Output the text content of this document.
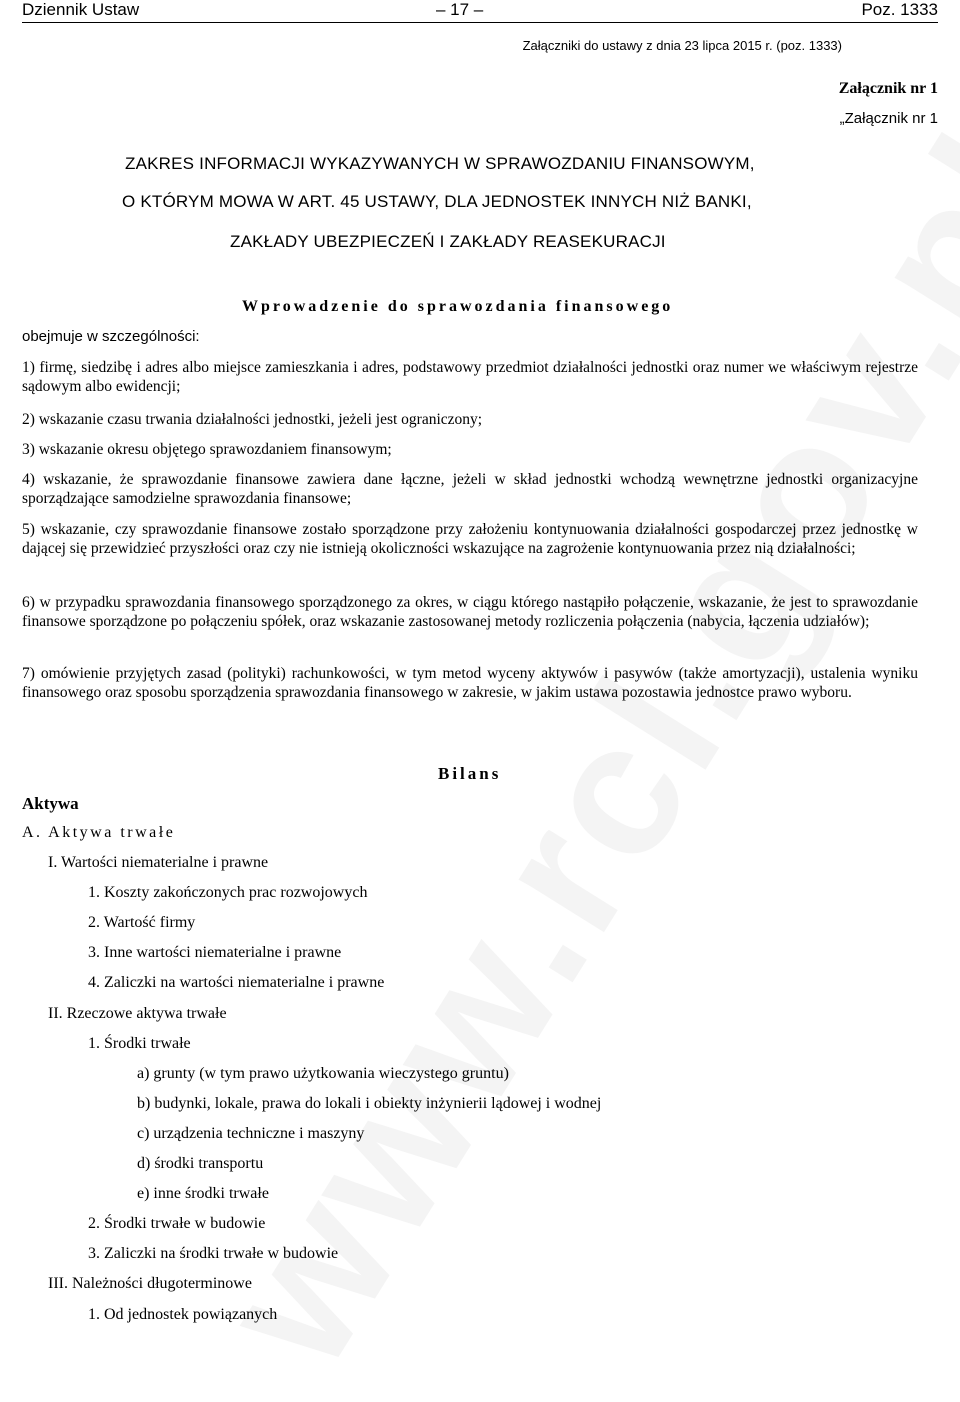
Dziennik Ustaw	– 17 –	Poz. 1333
Załączniki do ustawy z dnia 23 lipca 2015 r. (poz. 1333)
Załącznik nr 1
„Załącznik nr 1
ZAKRES INFORMACJI WYKAZYWANYCH W SPRAWOZDANIU FINANSOWYM,
O KTÓRYM MOWA W ART. 45 USTAWY, DLA JEDNOSTEK INNYCH NIŻ BANKI,
ZAKŁADY UBEZPIECZEŃ I ZAKŁADY REASEKURACJI
Wprowadzenie do sprawozdania finansowego
obejmuje w szczególności:
1) firmę, siedzibę i adres albo miejsce zamieszkania i adres, podstawowy przedmiot działalności jednostki oraz numer we właściwym rejestrze sądowym albo ewidencji;
2) wskazanie czasu trwania działalności jednostki, jeżeli jest ograniczony;
3) wskazanie okresu objętego sprawozdaniem finansowym;
4) wskazanie, że sprawozdanie finansowe zawiera dane łączne, jeżeli w skład jednostki wchodzą wewnętrzne jednostki organizacyjne sporządzające samodzielne sprawozdania finansowe;
5) wskazanie, czy sprawozdanie finansowe zostało sporządzone przy założeniu kontynuowania działalności gospodarczej przez jednostkę w dającej się przewidzieć przyszłości oraz czy nie istnieją okoliczności wskazujące na zagrożenie kontynuowania przez nią działalności;
6) w przypadku sprawozdania finansowego sporządzonego za okres, w ciągu którego nastąpiło połączenie, wskazanie, że jest to sprawozdanie finansowe sporządzone po połączeniu spółek, oraz wskazanie zastosowanej metody rozliczenia połączenia (nabycia, łączenia udziałów);
7) omówienie przyjętych zasad (polityki) rachunkowości, w tym metod wyceny aktywów i pasywów (także amortyzacji), ustalenia wyniku finansowego oraz sposobu sporządzenia sprawozdania finansowego w zakresie, w jakim ustawa pozostawia jednostce prawo wyboru.
Bilans
Aktywa
A. Aktywa trwałe
I. Wartości niematerialne i prawne
1. Koszty zakończonych prac rozwojowych
2. Wartość firmy
3. Inne wartości niematerialne i prawne
4. Zaliczki na wartości niematerialne i prawne
II. Rzeczowe aktywa trwałe
1. Środki trwałe
a) grunty (w tym prawo użytkowania wieczystego gruntu)
b) budynki, lokale, prawa do lokali i obiekty inżynierii lądowej i wodnej
c) urządzenia techniczne i maszyny
d) środki transportu
e) inne środki trwałe
2. Środki trwałe w budowie
3. Zaliczki na środki trwałe w budowie
III. Należności długoterminowe
1. Od jednostek powiązanych
